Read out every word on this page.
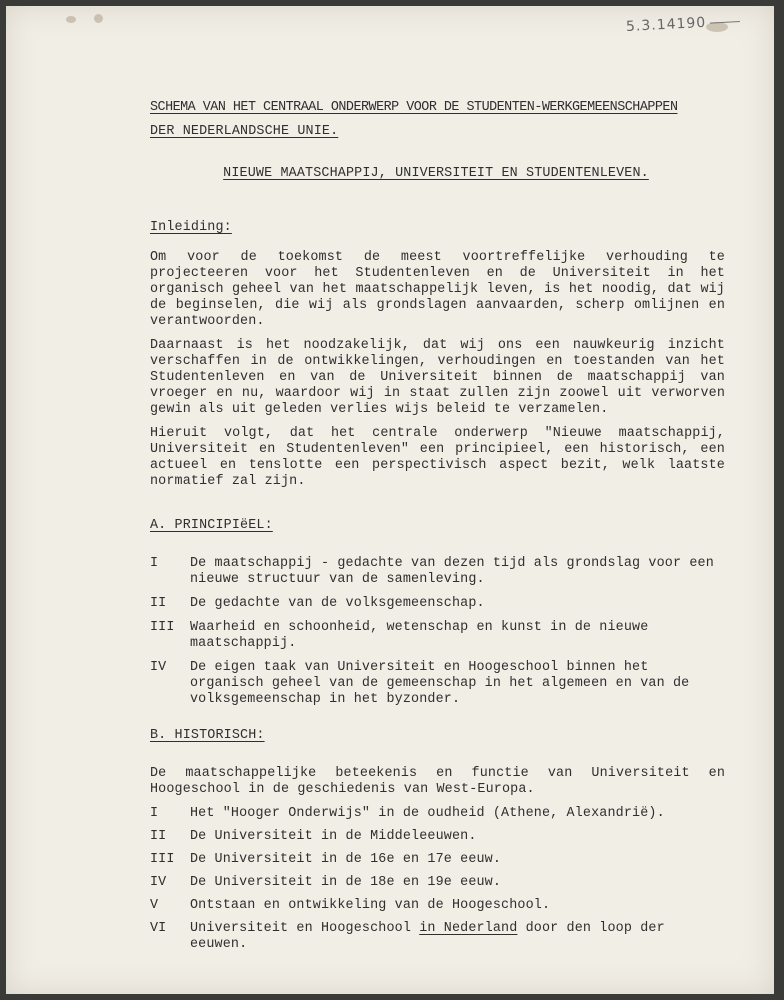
5.3.14190
SCHEMA VAN HET CENTRAAL ONDERWERP VOOR DE STUDENTEN-WERKGEMEENSCHAPPEN
DER NEDERLANDSCHE UNIE.
NIEUWE MAATSCHAPPIJ, UNIVERSITEIT EN STUDENTENLEVEN.
Inleiding:

Om voor de toekomst de meest voortreffelijke verhouding te projecteeren voor het Studentenleven en de Universiteit in het organisch geheel van het maatschappelijk leven, is het noodig, dat wij de beginselen, die wij als grondslagen aanvaarden, scherp omlijnen en verantwoorden.

Daarnaast is het noodzakelijk, dat wij ons een nauwkeurig inzicht verschaffen in de ontwikkelingen, verhoudingen en toestanden van het Studentenleven en van de Universiteit binnen de maatschappij van vroeger en nu, waardoor wij in staat zullen zijn zoowel uit verworven gewin als uit geleden verlies wijs beleid te verzamelen.

Hieruit volgt, dat het centrale onderwerp "Nieuwe maatschappij, Universiteit en Studentenleven" een principieel, een historisch, een actueel en tenslotte een perspectivisch aspect bezit, welk laatste normatief zal zijn.

A. PRINCIPIëEL:
I	De maatschappij - gedachte van dezen tijd als grondslag voor een nieuwe structuur van de samenleving.
II	De gedachte van de volksgemeenschap.
III	Waarheid en schoonheid, wetenschap en kunst in de nieuwe maatschappij.
IV	De eigen taak van Universiteit en Hoogeschool binnen het organisch geheel van de gemeenschap in het algemeen en van de volksgemeenschap in het byzonder.
B. HISTORISCH:

De maatschappelijke beteekenis en functie van Universiteit en Hoogeschool in de geschiedenis van West-Europa.

I	Het "Hooger Onderwijs" in de oudheid (Athene, Alexandrië).
II	De Universiteit in de Middeleeuwen.
III	De Universiteit in de 16e en 17e eeuw.
IV	De Universiteit in de 18e en 19e eeuw.
V	Ontstaan en ontwikkeling van de Hoogeschool.
VI	Universiteit en Hoogeschool in Nederland door den loop der eeuwen.
